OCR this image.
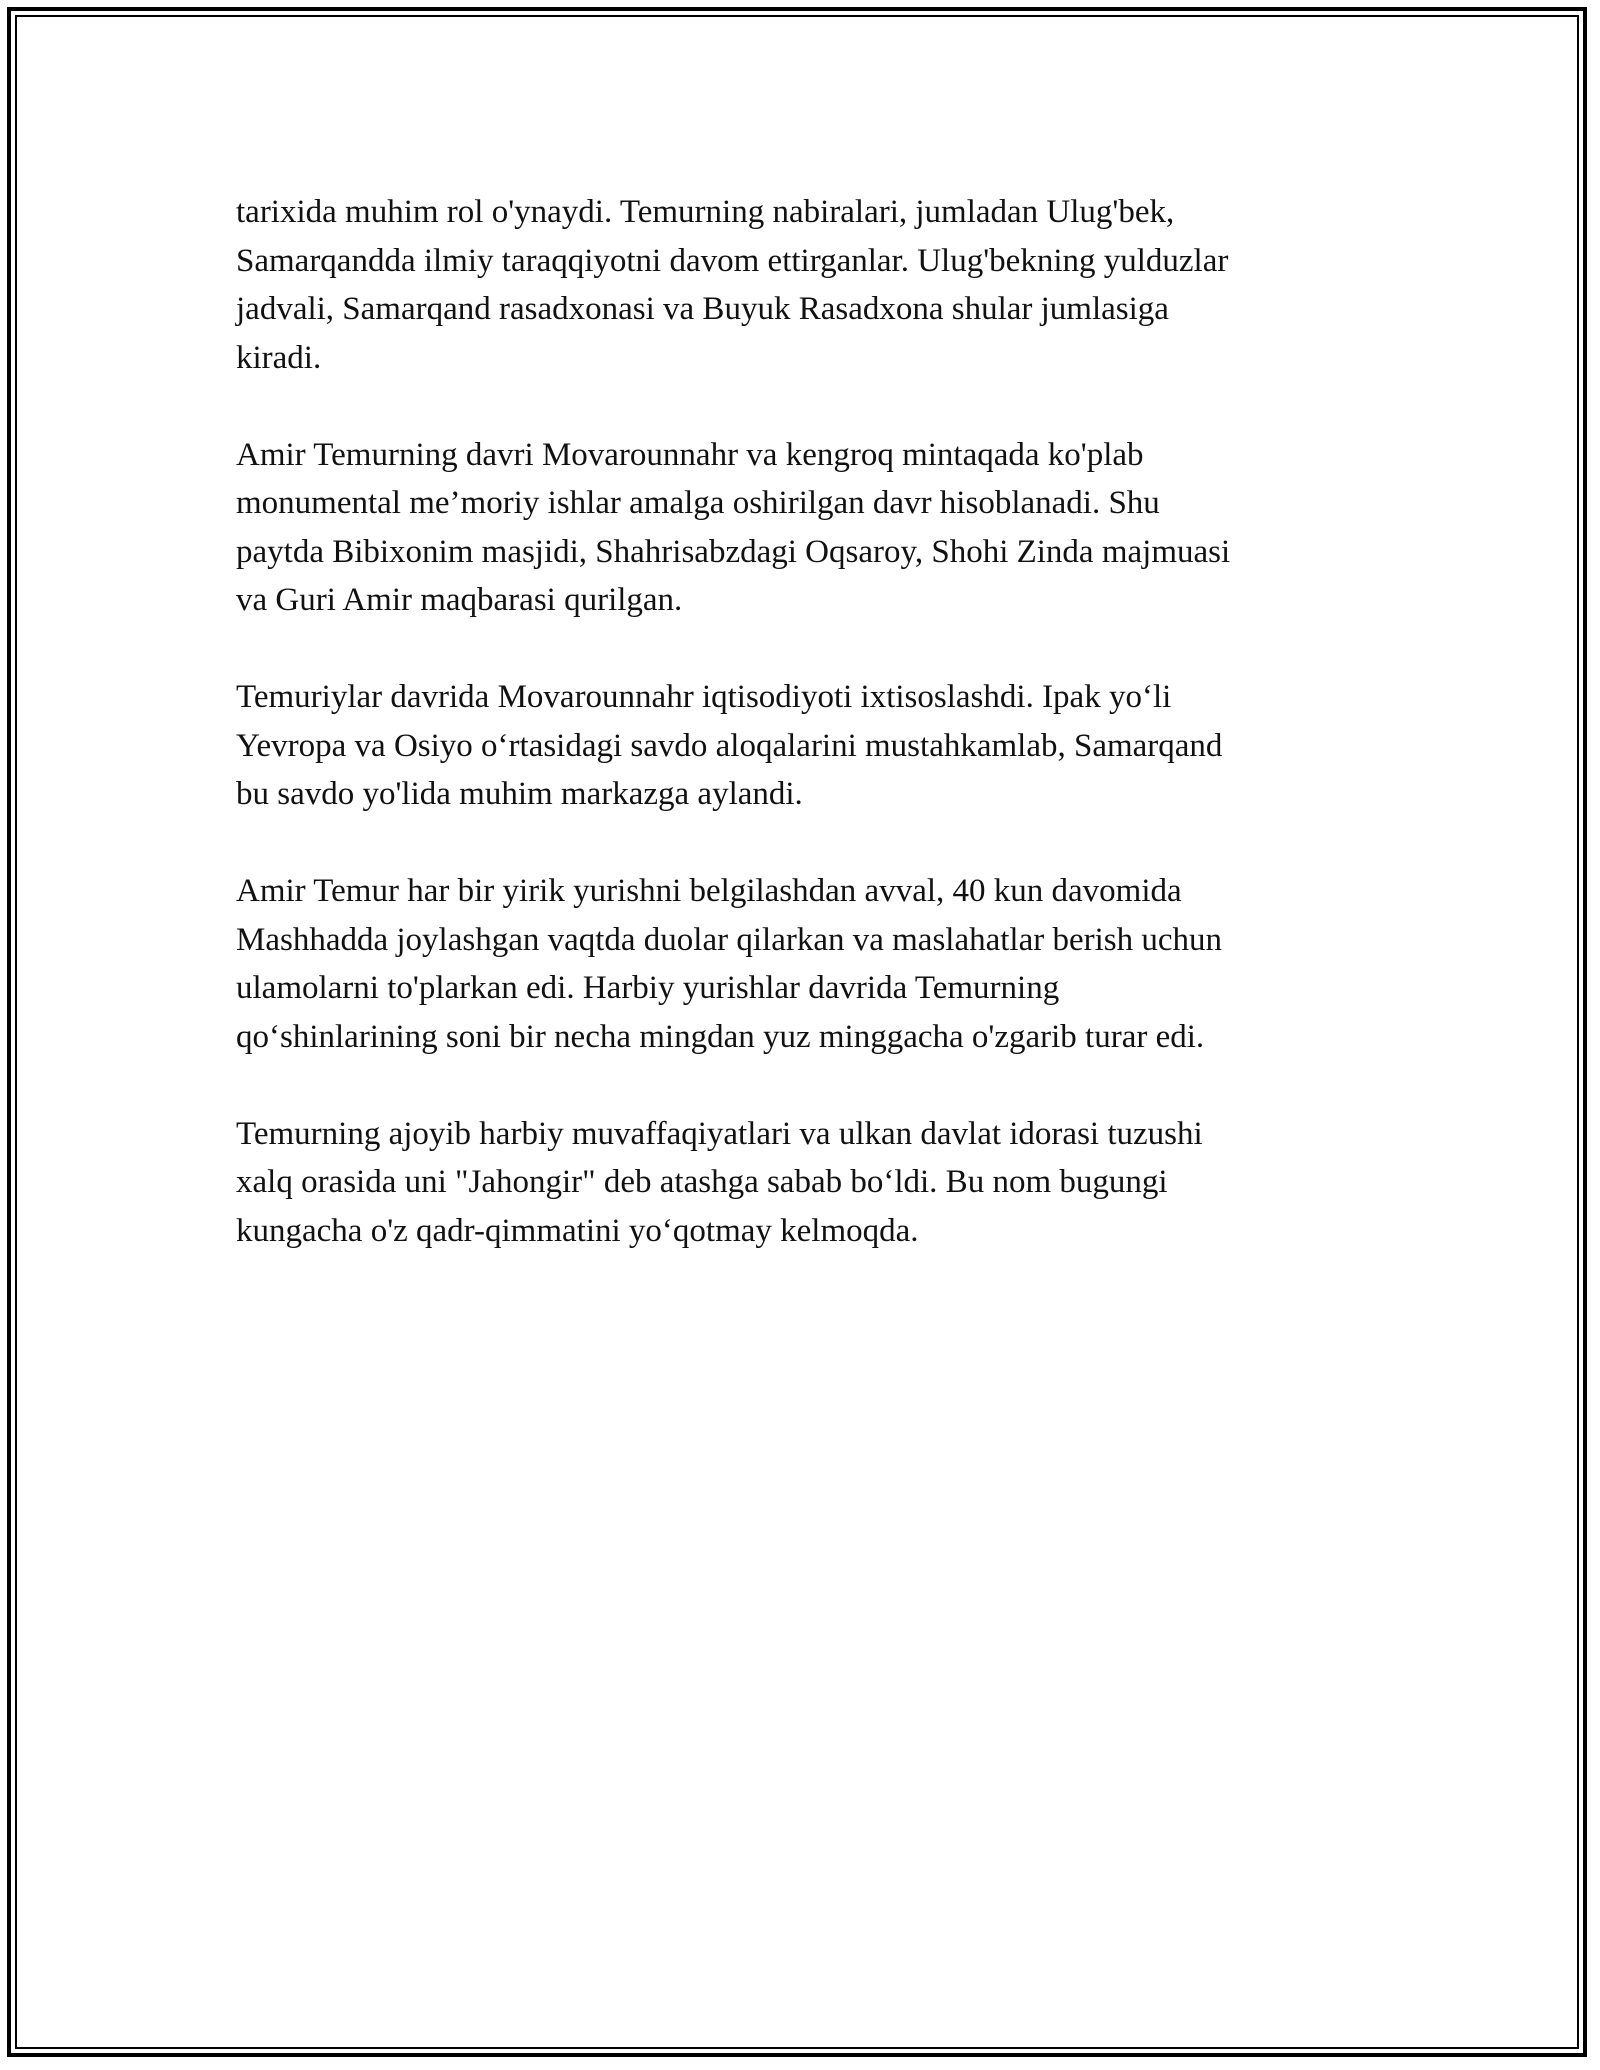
tarixida muhim rol o'ynaydi. Temurning nabiralari, jumladan Ulug'bek,
Samarqandda ilmiy taraqqiyotni davom ettirganlar. Ulug'bekning yulduzlar
jadvali, Samarqand rasadxonasi va Buyuk Rasadxona shular jumlasiga
kiradi.

Amir Temurning davri Movarounnahr va kengroq mintaqada ko'plab
monumental me’moriy ishlar amalga oshirilgan davr hisoblanadi. Shu
paytda Bibixonim masjidi, Shahrisabzdagi Oqsaroy, Shohi Zinda majmuasi
va Guri Amir maqbarasi qurilgan.

Temuriylar davrida Movarounnahr iqtisodiyoti ixtisoslashdi. Ipak yo‘li
Yevropa va Osiyo o‘rtasidagi savdo aloqalarini mustahkamlab, Samarqand
bu savdo yo'lida muhim markazga aylandi.

Amir Temur har bir yirik yurishni belgilashdan avval, 40 kun davomida
Mashhadda joylashgan vaqtda duolar qilarkan va maslahatlar berish uchun
ulamolarni to'plarkan edi. Harbiy yurishlar davrida Temurning
qo‘shinlarining soni bir necha mingdan yuz minggacha o'zgarib turar edi.

Temurning ajoyib harbiy muvaffaqiyatlari va ulkan davlat idorasi tuzushi
xalq orasida uni "Jahongir" deb atashga sabab bo‘ldi. Bu nom bugungi
kungacha o'z qadr-qimmatini yo‘qotmay kelmoqda.
